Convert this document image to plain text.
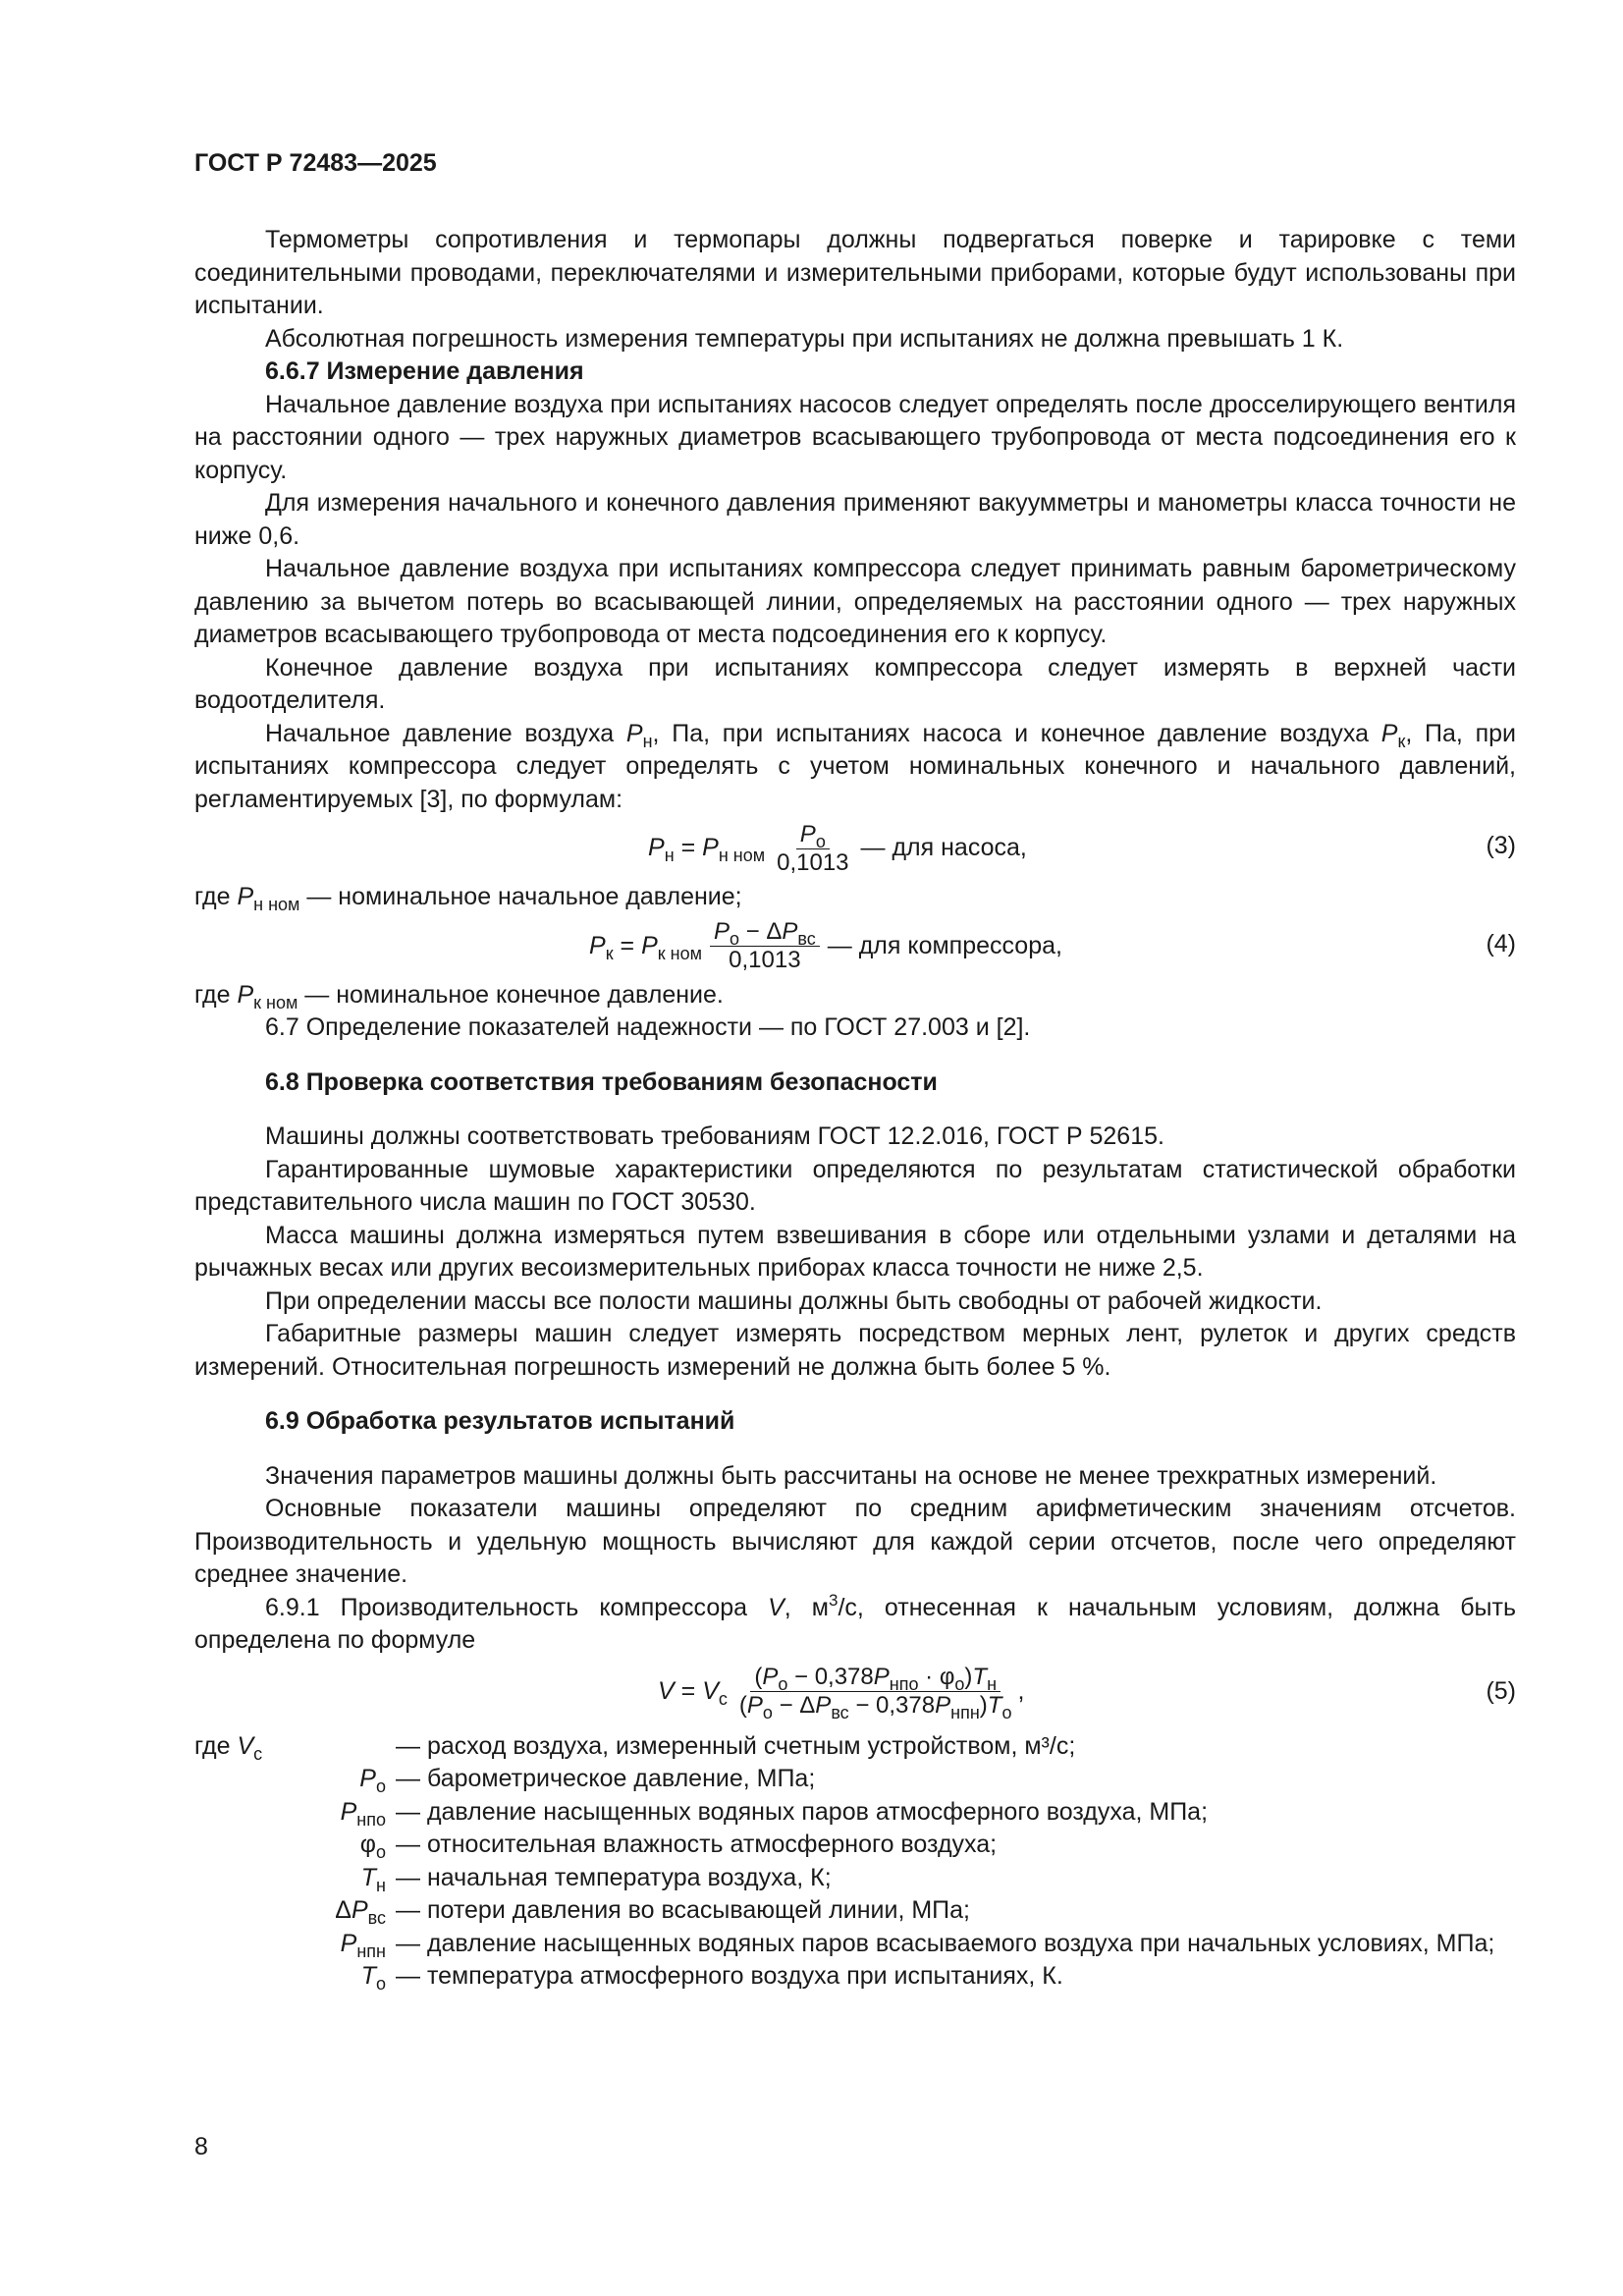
ГОСТ Р 72483—2025

Термометры сопротивления и термопары должны подвергаться поверке и тарировке с теми соединительными проводами, переключателями и измерительными приборами, которые будут использованы при испытании.

Абсолютная погрешность измерения температуры при испытаниях не должна превышать 1 К.

6.6.7 Измерение давления

Начальное давление воздуха при испытаниях насосов следует определять после дросселирующего вентиля на расстоянии одного — трех наружных диаметров всасывающего трубопровода от места подсоединения его к корпусу.

Для измерения начального и конечного давления применяют вакуумметры и манометры класса точности не ниже 0,6.

Начальное давление воздуха при испытаниях компрессора следует принимать равным барометрическому давлению за вычетом потерь во всасывающей линии, определяемых на расстоянии одного — трех наружных диаметров всасывающего трубопровода от места подсоединения его к корпусу.

Конечное давление воздуха при испытаниях компрессора следует измерять в верхней части водоотделителя.

Начальное давление воздуха $P_н$, Па, при испытаниях насоса и конечное давление воздуха $P_к$, Па, при испытаниях компрессора следует определять с учетом номинальных конечного и начального давлений, регламентируемых [3], по формулам:

$P_н = P_{н ном} \frac{P_о}{0,1013}$ — для насоса,	(3)

где $P_{н ном}$ — номинальное начальное давление;

$P_к = P_{к ном} \frac{P_о - \Delta P_{вс}}{0,1013}$ — для компрессора,	(4)

где $P_{к ном}$ — номинальное конечное давление.

6.7 Определение показателей надежности — по ГОСТ 27.003 и [2].

6.8 Проверка соответствия требованиям безопасности

Машины должны соответствовать требованиям ГОСТ 12.2.016, ГОСТ Р 52615.

Гарантированные шумовые характеристики определяются по результатам статистической обработки представительного числа машин по ГОСТ 30530.

Масса машины должна измеряться путем взвешивания в сборе или отдельными узлами и деталями на рычажных весах или других весоизмерительных приборах класса точности не ниже 2,5.

При определении массы все полости машины должны быть свободны от рабочей жидкости.

Габаритные размеры машин следует измерять посредством мерных лент, рулеток и других средств измерений. Относительная погрешность измерений не должна быть более 5 %.

6.9 Обработка результатов испытаний

Значения параметров машины должны быть рассчитаны на основе не менее трехкратных измерений.

Основные показатели машины определяют по средним арифметическим значениям отсчетов. Производительность и удельную мощность вычисляют для каждой серии отсчетов, после чего определяют среднее значение.

6.9.1 Производительность компрессора V, $м^3/с$, отнесенная к начальным условиям, должна быть определена по формуле

$V = V_с \frac{(P_о - 0,378P_{нпо} \cdot \varphi_о)T_н}{(P_о - \Delta P_{вс} - 0,378P_{нпн})T_о}$ ,	(5)
где $V_с$	— расход воздуха, измеренный счетным устройством, м³/с;
$P_о$ — барометрическое давление, МПа;
$P_{нпо}$ — давление насыщенных водяных паров атмосферного воздуха, МПа;
$\varphi_о$ — относительная влажность атмосферного воздуха;
$T_н$ — начальная температура воздуха, К;
$\Delta P_{вс}$ — потери давления во всасывающей линии, МПа;
$P_{нпн}$ — давление насыщенных водяных паров всасываемого воздуха при начальных условиях, МПа;
$T_о$ — температура атмосферного воздуха при испытаниях, К.
8
